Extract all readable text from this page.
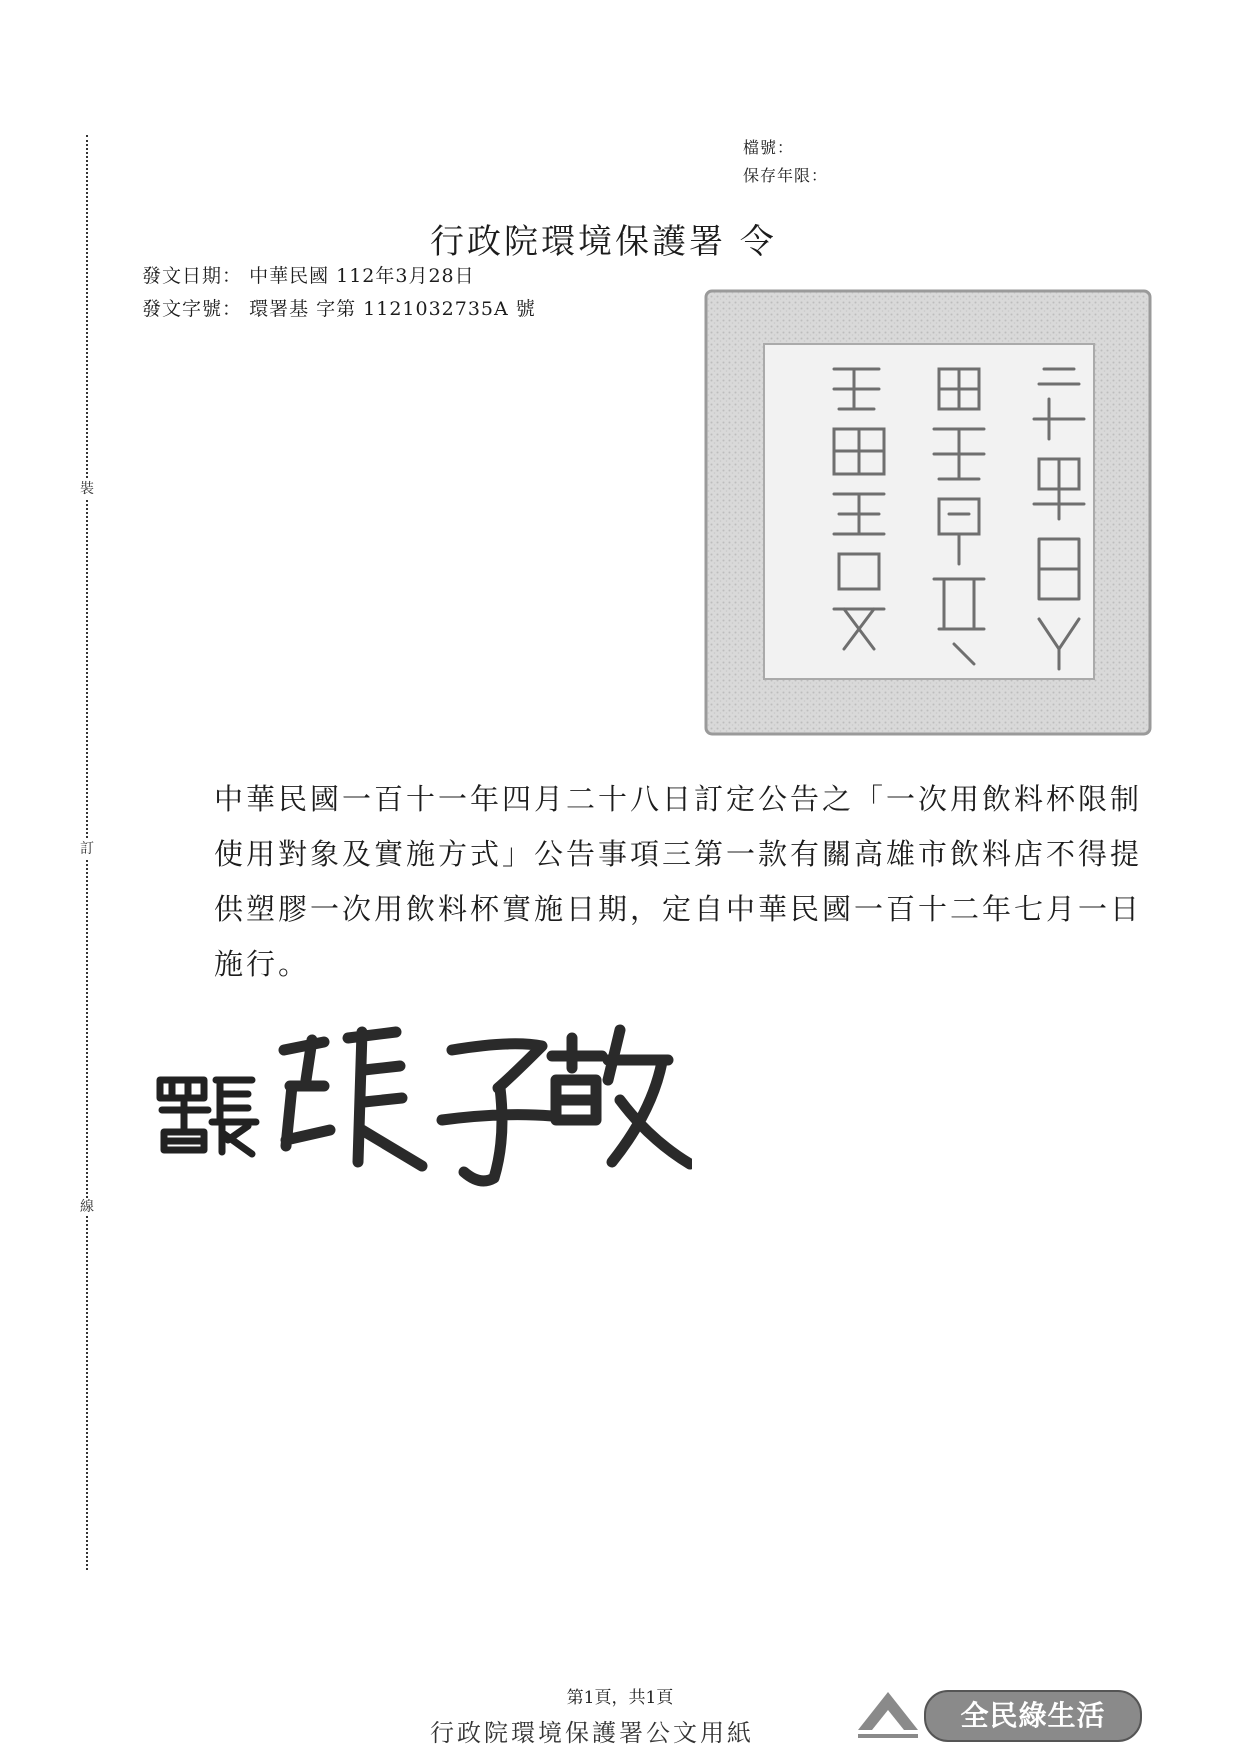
裝
訂
線
檔號：
保存年限：
行政院環境保護署 令
發文日期： 中華民國 112年3月28日
發文字號： 環署基 字第 1121032735A 號
中華民國一百十一年四月二十八日訂定公告之「一次用飲料杯限制使用對象及實施方式」公告事項三第一款有關高雄市飲料店不得提供塑膠一次用飲料杯實施日期，定自中華民國一百十二年七月一日施行。
第1頁，共1頁
行政院環境保護署公文用紙
全民綠生活
